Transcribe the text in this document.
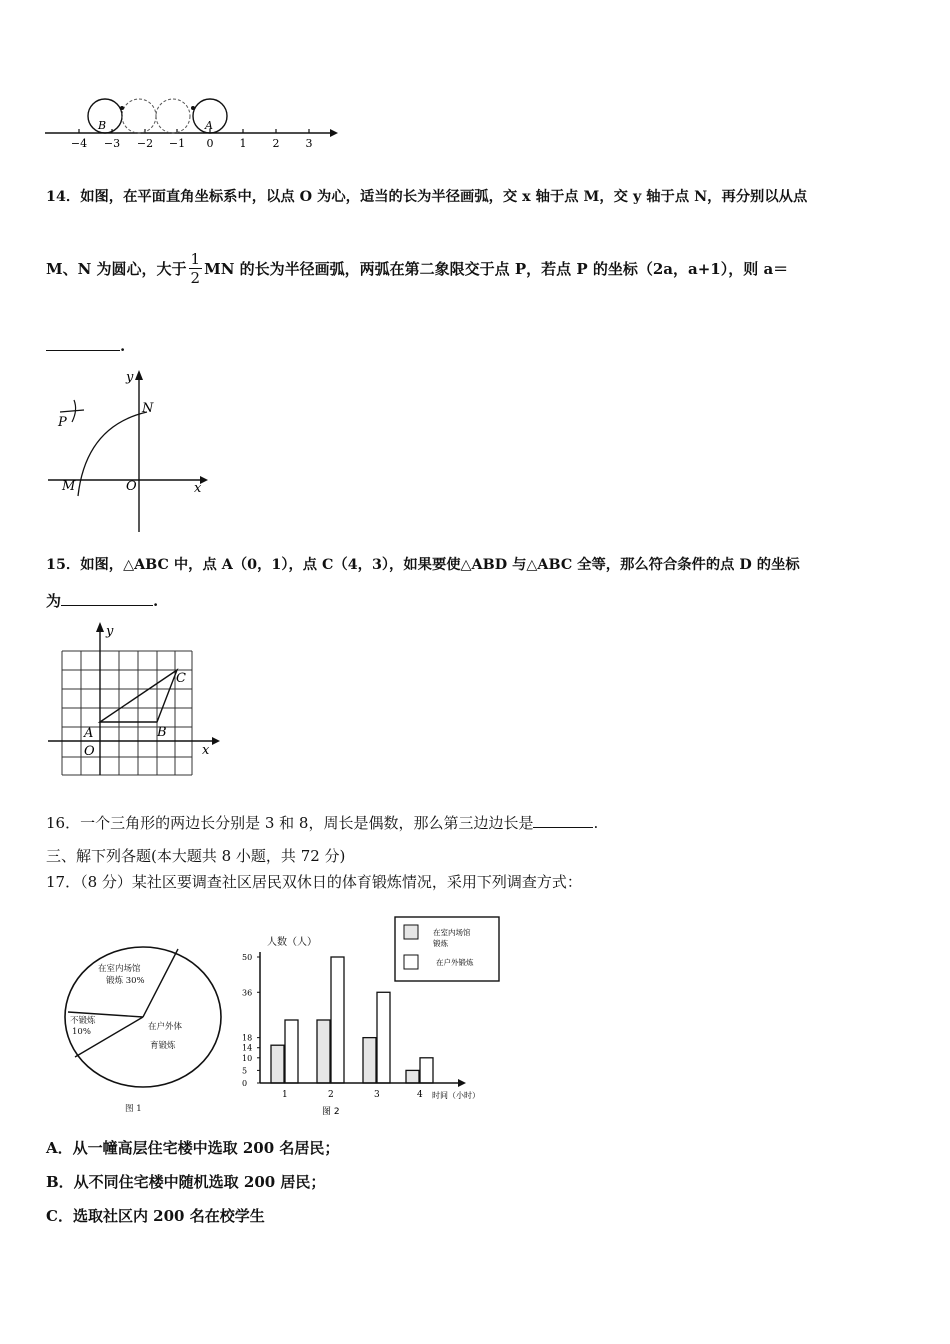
B	A
−4 −3 −2 −1 0 1 2 3
14．如图，在平面直角坐标系中，以点 O 为心，适当的长为半径画弧，交 x 轴于点 M，交 y 轴于点 N，再分别以从点
M、N 为圆心，大于 $\frac{1}{2}$ MN 的长为半径画弧，两弧在第二象限交于点 P，若点 P 的坐标（2a，a+1），则 a＝
.
y
N
P
M	O	x
15．如图，△ABC 中，点 A（0，1），点 C（4，3），如果要使△ABD 与△ABC 全等，那么符合条件的点 D 的坐标
为	.
y
C
A	B
O	x
16．一个三角形的两边长分别是 3 和 8，周长是偶数，那么第三边边长是	.
三、解下列各题(本大题共 8 小题，共 72 分)
17．（8 分）某社区要调查社区居民双休日的体育锻炼情况，采用下列调查方式：
在室内场馆
锻炼 30%
在户外体
育锻炼
不锻炼
10%
图 1
人数（人）
时间（小时）
图 2
0
5
10
14
18
36
50
1	2	3	4
在室内场馆
锻炼
在户外锻炼
A．从一幢高层住宅楼中选取 200 名居民；
B．从不同住宅楼中随机选取 200 居民；
C．选取社区内 200 名在校学生
